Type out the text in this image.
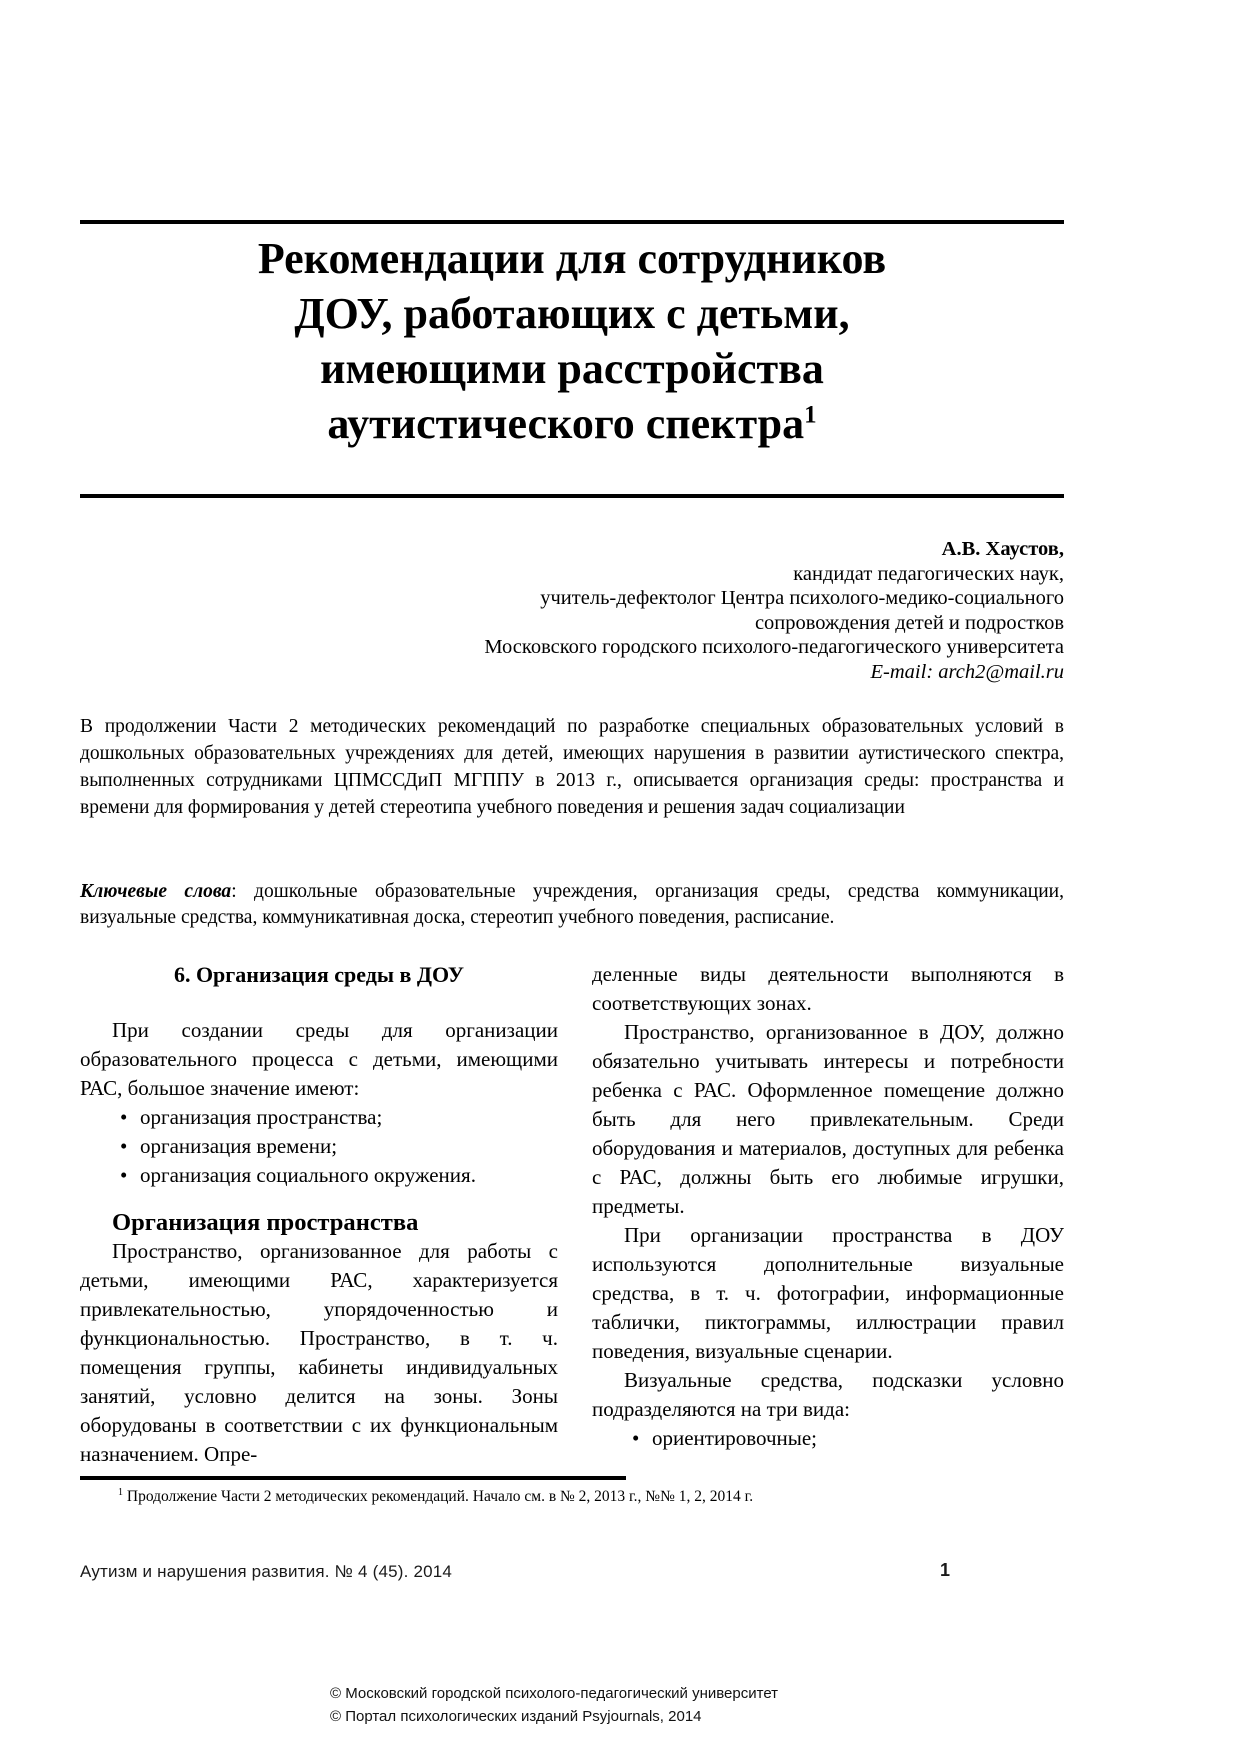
Рекомендации для сотрудников
ДОУ, работающих с детьми,
имеющими расстройства
аутистического спектра$^1$
А.В. Хаустов,
кандидат педагогических наук,
учитель-дефектолог Центра психолого-медико-социального
сопровождения детей и подростков
Московского городского психолого-педагогического университета
E-mail: arch2@mail.ru

В продолжении Части 2 методических рекомендаций по разработке специальных образовательных условий в дошкольных образовательных учреждениях для детей, имеющих нарушения в развитии аутистического спектра, выполненных сотрудниками ЦПМССДиП МГППУ в 2013 г., описывается организация среды: пространства и времени для формирования у детей стереотипа учебного поведения и решения задач социализации

Ключевые слова: дошкольные образовательные учреждения, организация среды, средства коммуникации, визуальные средства, коммуникативная доска, стереотип учебного поведения, расписание.

6. Организация среды в ДОУ

При создании среды для организации образовательного процесса с детьми, имеющими РАС, большое значение имеют:

• организация пространства;
• организация времени;
• организация социального окружения.
Организация пространства

Пространство, организованное для работы с детьми, имеющими РАС, характеризуется привлекательностью, упорядоченностью и функциональностью. Пространство, в т. ч. помещения группы, кабинеты индивидуальных занятий, условно делится на зоны. Зоны оборудованы в соответствии с их функциональным назначением. Опре-

деленные виды деятельности выполняются в соответствующих зонах.

Пространство, организованное в ДОУ, должно обязательно учитывать интересы и потребности ребенка с РАС. Оформленное помещение должно быть для него привлекательным. Среди оборудования и материалов, доступных для ребенка с РАС, должны быть его любимые игрушки, предметы.

При организации пространства в ДОУ используются дополнительные визуальные средства, в т. ч. фотографии, информационные таблички, пиктограммы, иллюстрации правил поведения, визуальные сценарии.

Визуальные средства, подсказки условно подразделяются на три вида:

• ориентировочные;

$^1$ Продолжение Части 2 методических рекомендаций. Начало см. в № 2, 2013 г., №№ 1, 2, 2014 г.

Аутизм и нарушения развития. № 4 (45). 2014	1
© Московский городской психолого-педагогический университет
© Портал психологических изданий Psyjournals, 2014
